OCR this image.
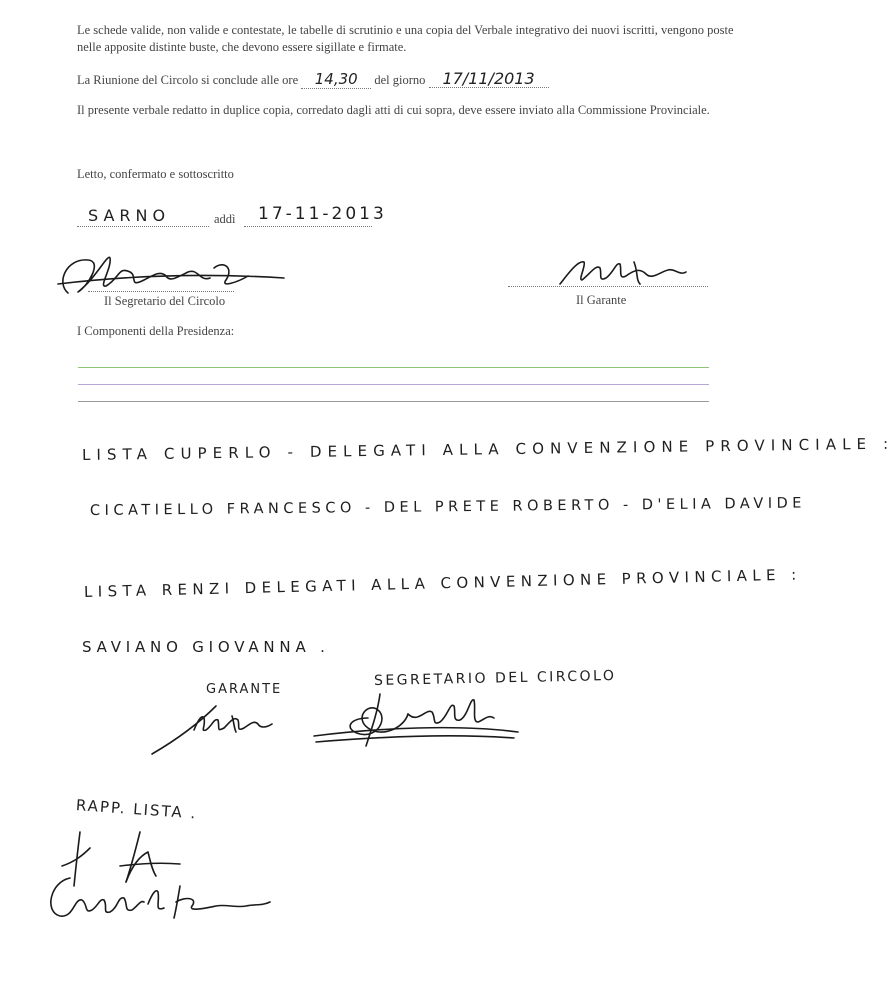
Le schede valide, non valide e contestate, le tabelle di scrutinio e una copia del Verbale integrativo dei nuovi iscritti, vengono poste nelle apposite distinte buste, che devono essere sigillate e firmate.
La Riunione del Circolo si conclude alle ore 14,30 del giorno 17/11/2013
Il presente verbale redatto in duplice copia, corredato dagli atti di cui sopra, deve essere inviato alla Commissione Provinciale.
Letto, confermato e sottoscritto
SARNO	addì	17-11-2013
Il Segretario del Circolo	Il Garante
I Componenti della Presidenza:
LISTA CUPERLO - DELEGATI ALLA CONVENZIONE PROVINCIALE :
CICATIELLO FRANCESCO - DEL PRETE ROBERTO - D'ELIA DAVIDE
LISTA RENZI DELEGATI ALLA CONVENZIONE PROVINCIALE :
SAVIANO GIOVANNA .
GARANTE
SEGRETARIO DEL CIRCOLO
RAPP. LISTA .
